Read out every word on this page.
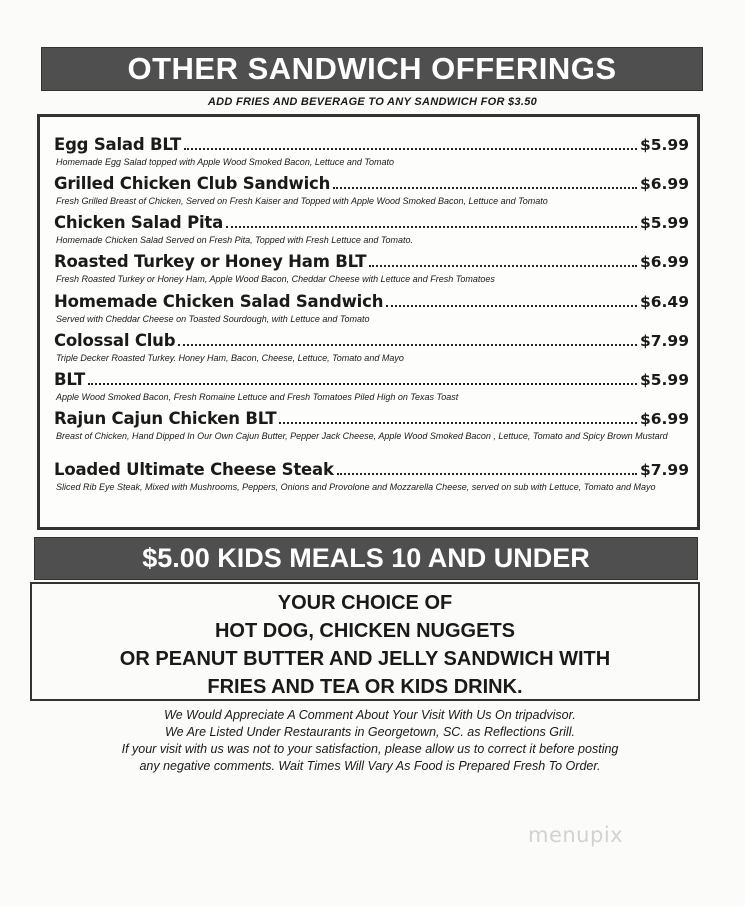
OTHER SANDWICH OFFERINGS
ADD FRIES AND BEVERAGE TO ANY SANDWICH FOR $3.50
Egg Salad BLT	$5.99
Homemade Egg Salad topped with Apple Wood Smoked Bacon, Lettuce and Tomato
Grilled Chicken Club Sandwich	$6.99
Fresh Grilled Breast of Chicken, Served on Fresh Kaiser and Topped with Apple Wood Smoked Bacon, Lettuce and Tomato
Chicken Salad Pita	$5.99
Homemade Chicken Salad Served on Fresh Pita, Topped with Fresh Lettuce and Tomato.
Roasted Turkey or Honey Ham BLT	$6.99
Fresh Roasted Turkey or Honey Ham, Apple Wood Bacon, Cheddar Cheese with Lettuce and Fresh Tomatoes
Homemade Chicken Salad Sandwich	$6.49
Served with Cheddar Cheese on Toasted Sourdough, with Lettuce and Tomato
Colossal Club	$7.99
Triple Decker Roasted Turkey. Honey Ham, Bacon, Cheese, Lettuce, Tomato and Mayo
BLT	$5.99
Apple Wood Smoked Bacon, Fresh Romaine Lettuce and Fresh Tomatoes Piled High on Texas Toast
Rajun Cajun Chicken BLT	$6.99
Breast of Chicken, Hand Dipped In Our Own Cajun Butter, Pepper Jack Cheese, Apple Wood Smoked Bacon , Lettuce, Tomato and Spicy Brown Mustard
Loaded Ultimate Cheese Steak	$7.99
Sliced Rib Eye Steak, Mixed with Mushrooms, Peppers, Onions and Provolone and Mozzarella Cheese, served on sub with Lettuce, Tomato and Mayo
$5.00 KIDS MEALS 10 AND UNDER
YOUR CHOICE OF
HOT DOG, CHICKEN NUGGETS
OR PEANUT BUTTER AND JELLY SANDWICH WITH
FRIES AND TEA OR KIDS DRINK.
We Would Appreciate A Comment About Your Visit With Us On tripadvisor.
We Are Listed Under Restaurants in Georgetown, SC. as Reflections Grill.
If your visit with us was not to your satisfaction, please allow us to correct it before posting
any negative comments. Wait Times Will Vary As Food is Prepared Fresh To Order.
menupix
